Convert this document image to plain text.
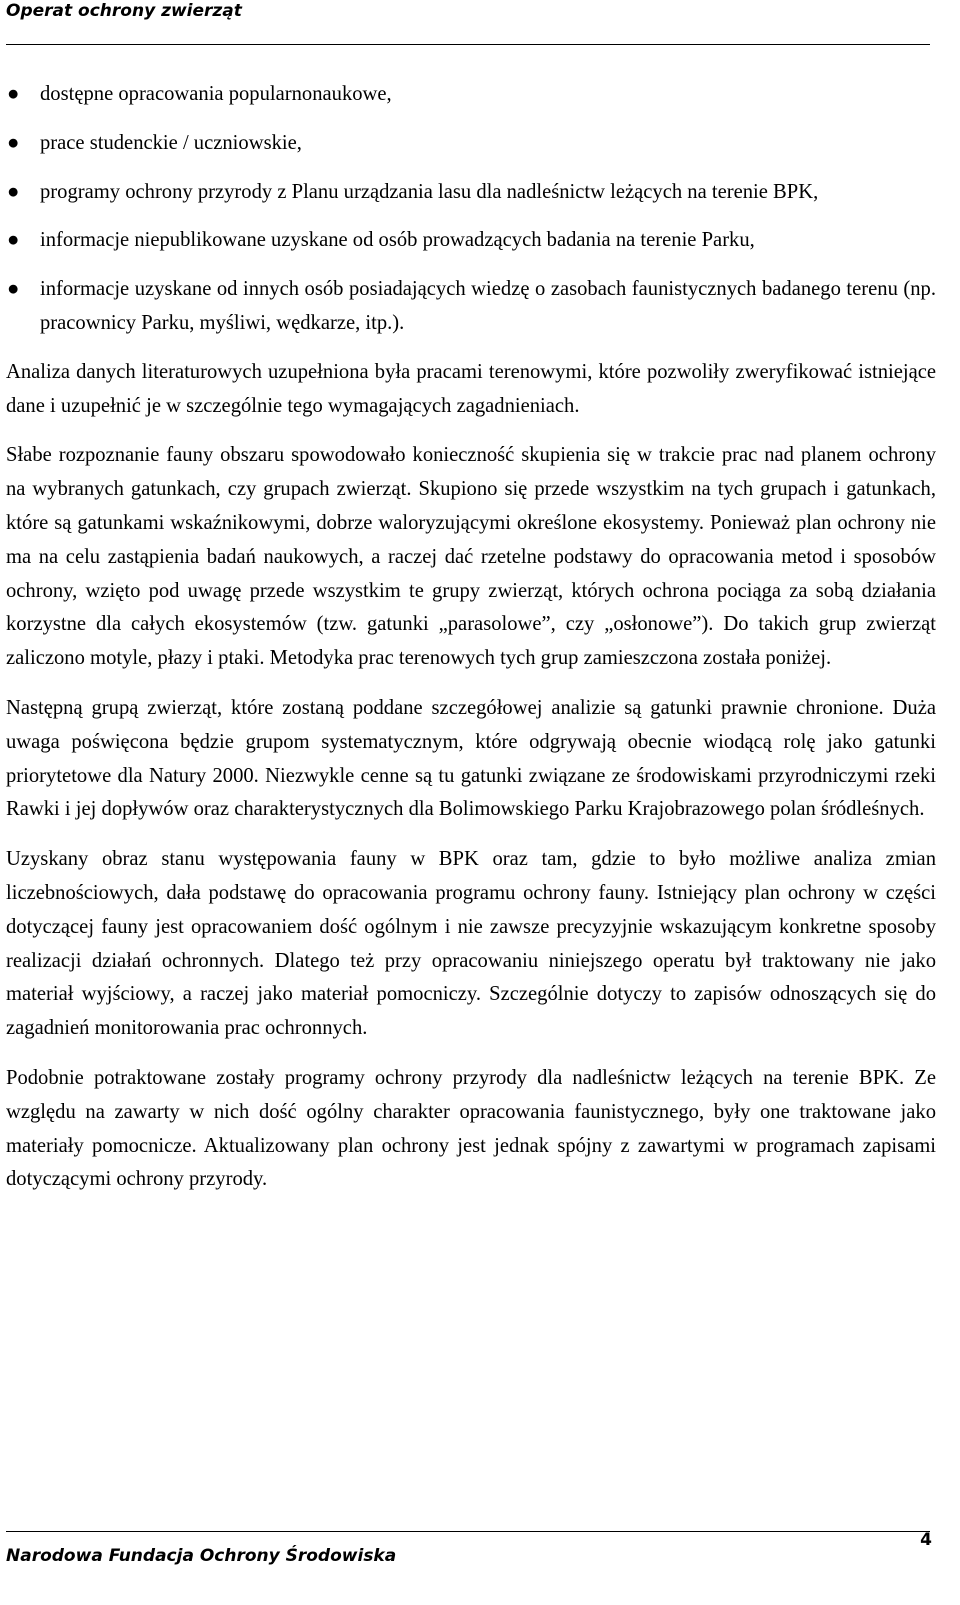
Operat ochrony zwierząt
● dostępne opracowania popularnonaukowe,
● prace studenckie / uczniowskie,
● programy ochrony przyrody z Planu urządzania lasu dla nadleśnictw leżących na terenie BPK,
● informacje niepublikowane uzyskane od osób prowadzących badania na terenie Parku,
● informacje uzyskane od innych osób posiadających wiedzę o zasobach faunistycznych badanego terenu (np. pracownicy Parku, myśliwi, wędkarze, itp.).

Analiza danych literaturowych uzupełniona była pracami terenowymi, które pozwoliły zweryfikować istniejące dane i uzupełnić je w szczególnie tego wymagających zagadnieniach.

Słabe rozpoznanie fauny obszaru spowodowało konieczność skupienia się w trakcie prac nad planem ochrony na wybranych gatunkach, czy grupach zwierząt. Skupiono się przede wszystkim na tych grupach i gatunkach, które są gatunkami wskaźnikowymi, dobrze waloryzującymi określone ekosystemy. Ponieważ plan ochrony nie ma na celu zastąpienia badań naukowych, a raczej dać rzetelne podstawy do opracowania metod i sposobów ochrony, wzięto pod uwagę przede wszystkim te grupy zwierząt, których ochrona pociąga za sobą działania korzystne dla całych ekosystemów (tzw. gatunki „parasolowe”, czy „osłonowe”). Do takich grup zwierząt zaliczono motyle, płazy i ptaki. Metodyka prac terenowych tych grup zamieszczona została poniżej.

Następną grupą zwierząt, które zostaną poddane szczegółowej analizie są gatunki prawnie chronione. Duża uwaga poświęcona będzie grupom systematycznym, które odgrywają obecnie wiodącą rolę jako gatunki priorytetowe dla Natury 2000. Niezwykle cenne są tu gatunki związane ze środowiskami przyrodniczymi rzeki Rawki i jej dopływów oraz charakterystycznych dla Bolimowskiego Parku Krajobrazowego polan śródleśnych.

Uzyskany obraz stanu występowania fauny w BPK oraz tam, gdzie to było możliwe analiza zmian liczebnościowych, dała podstawę do opracowania programu ochrony fauny. Istniejący plan ochrony w części dotyczącej fauny jest opracowaniem dość ogólnym i nie zawsze precyzyjnie wskazującym konkretne sposoby realizacji działań ochronnych. Dlatego też przy opracowaniu niniejszego operatu był traktowany nie jako materiał wyjściowy, a raczej jako materiał pomocniczy. Szczególnie dotyczy to zapisów odnoszących się do zagadnień monitorowania prac ochronnych.

Podobnie potraktowane zostały programy ochrony przyrody dla nadleśnictw leżących na terenie BPK. Ze względu na zawarty w nich dość ogólny charakter opracowania faunistycznego, były one traktowane jako materiały pomocnicze. Aktualizowany plan ochrony jest jednak spójny z zawartymi w programach zapisami dotyczącymi ochrony przyrody.

Narodowa Fundacja Ochrony Środowiska
4
